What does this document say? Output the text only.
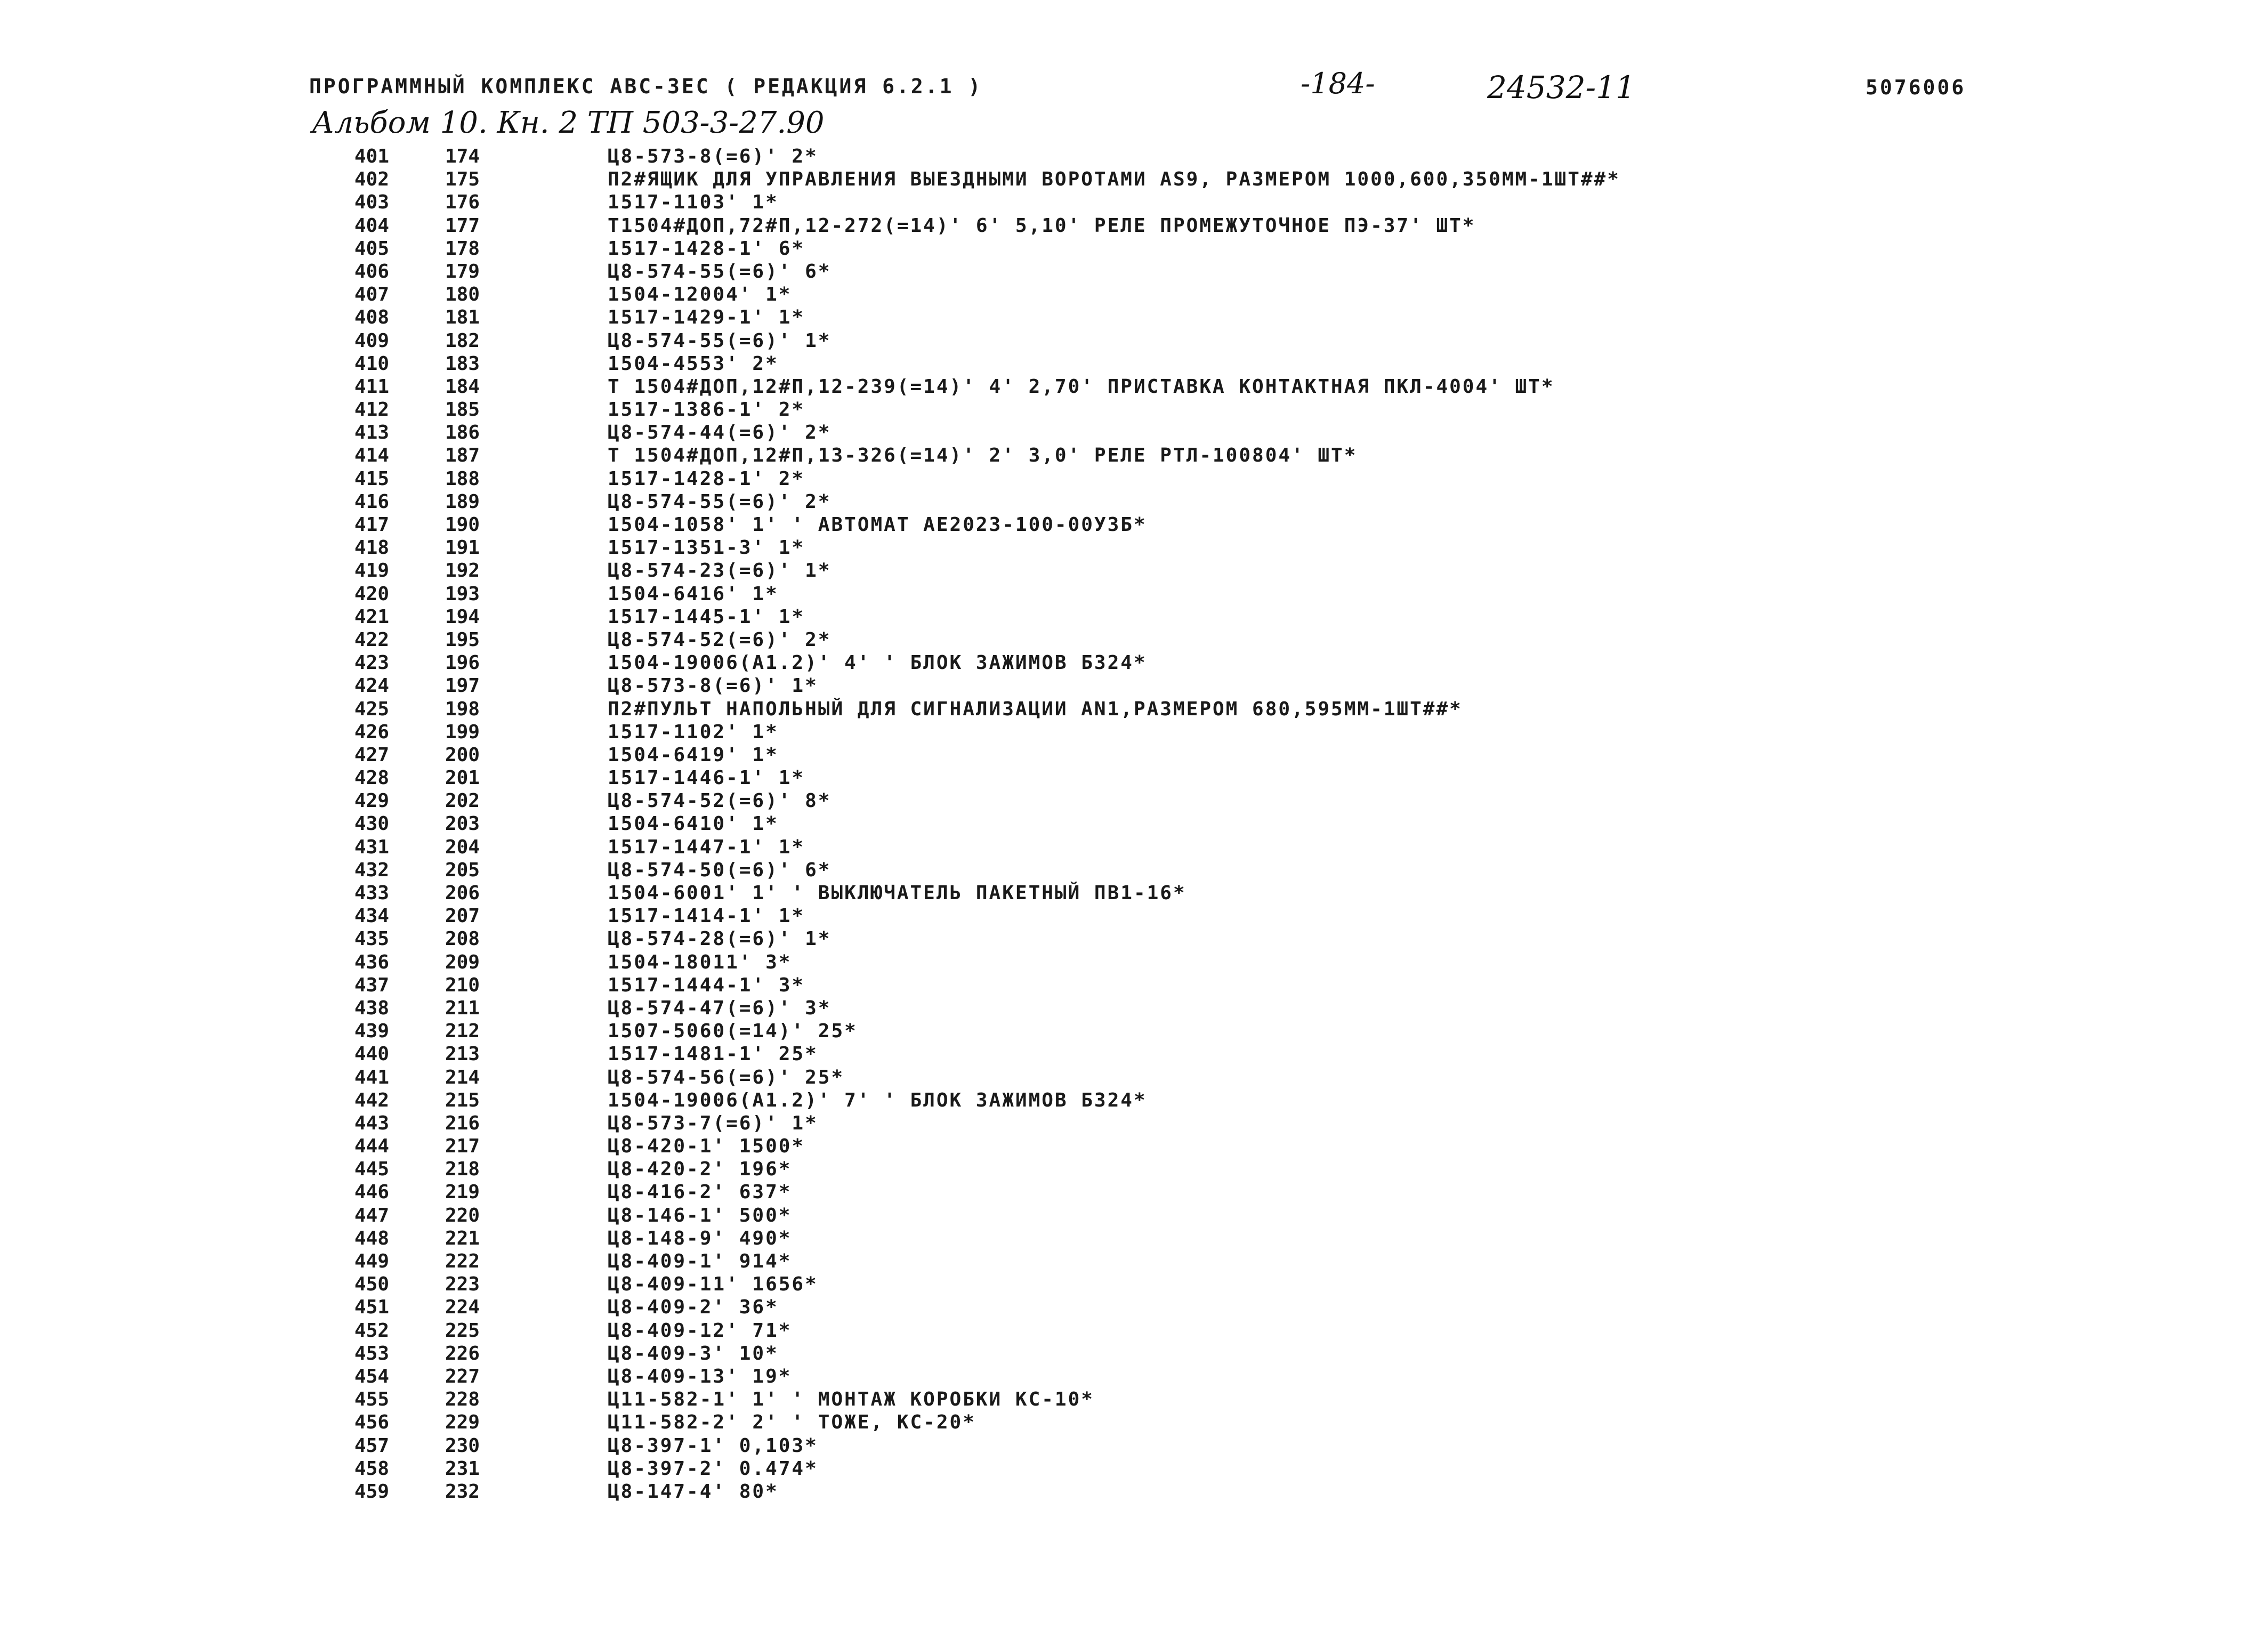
ПРОГРАММНЫЙ КОМПЛЕКС АВС-3ЕС ( РЕДАКЦИЯ 6.2.1 )	-184-	24532-11	5076006
Альбом 10. Кн. 2 ТП 503-3-27.90
401	174	Ц8-573-8(=6)' 2*
402	175	П2#ЯЩИК ДЛЯ УПРАВЛЕНИЯ ВЫЕЗДНЫМИ ВОРОТАМИ AS9, РАЗМЕРОМ 1000,600,350ММ-1ШТ##*
403	176	1517-1103' 1*
404	177	Т1504#ДОП,72#П,12-272(=14)' 6' 5,10' РЕЛЕ ПРОМЕЖУТОЧНОЕ ПЭ-37' ШТ*
405	178	1517-1428-1' 6*
406	179	Ц8-574-55(=6)' 6*
407	180	1504-12004' 1*
408	181	1517-1429-1' 1*
409	182	Ц8-574-55(=6)' 1*
410	183	1504-4553' 2*
411	184	Т 1504#ДОП,12#П,12-239(=14)' 4' 2,70' ПРИСТАВКА КОНТАКТНАЯ ПКЛ-4004' ШТ*
412	185	1517-1386-1' 2*
413	186	Ц8-574-44(=6)' 2*
414	187	Т 1504#ДОП,12#П,13-326(=14)' 2' 3,0' РЕЛЕ РТЛ-100804' ШТ*
415	188	1517-1428-1' 2*
416	189	Ц8-574-55(=6)' 2*
417	190	1504-1058' 1' ' АВТОМАТ АЕ2023-100-00У3Б*
418	191	1517-1351-3' 1*
419	192	Ц8-574-23(=6)' 1*
420	193	1504-6416' 1*
421	194	1517-1445-1' 1*
422	195	Ц8-574-52(=6)' 2*
423	196	1504-19006(А1.2)' 4' ' БЛОК ЗАЖИМОВ Б324*
424	197	Ц8-573-8(=6)' 1*
425	198	П2#ПУЛЬТ НАПОЛЬНЫЙ ДЛЯ СИГНАЛИЗАЦИИ AN1,РАЗМЕРОМ 680,595ММ-1ШТ##*
426	199	1517-1102' 1*
427	200	1504-6419' 1*
428	201	1517-1446-1' 1*
429	202	Ц8-574-52(=6)' 8*
430	203	1504-6410' 1*
431	204	1517-1447-1' 1*
432	205	Ц8-574-50(=6)' 6*
433	206	1504-6001' 1' ' ВЫКЛЮЧАТЕЛЬ ПАКЕТНЫЙ ПВ1-16*
434	207	1517-1414-1' 1*
435	208	Ц8-574-28(=6)' 1*
436	209	1504-18011' 3*
437	210	1517-1444-1' 3*
438	211	Ц8-574-47(=6)' 3*
439	212	1507-5060(=14)' 25*
440	213	1517-1481-1' 25*
441	214	Ц8-574-56(=6)' 25*
442	215	1504-19006(А1.2)' 7' ' БЛОК ЗАЖИМОВ Б324*
443	216	Ц8-573-7(=6)' 1*
444	217	Ц8-420-1' 1500*
445	218	Ц8-420-2' 196*
446	219	Ц8-416-2' 637*
447	220	Ц8-146-1' 500*
448	221	Ц8-148-9' 490*
449	222	Ц8-409-1' 914*
450	223	Ц8-409-11' 1656*
451	224	Ц8-409-2' 36*
452	225	Ц8-409-12' 71*
453	226	Ц8-409-3' 10*
454	227	Ц8-409-13' 19*
455	228	Ц11-582-1' 1' ' МОНТАЖ КОРОБКИ КС-10*
456	229	Ц11-582-2' 2' ' ТОЖЕ, КС-20*
457	230	Ц8-397-1' 0,103*
458	231	Ц8-397-2' 0.474*
459	232	Ц8-147-4' 80*
